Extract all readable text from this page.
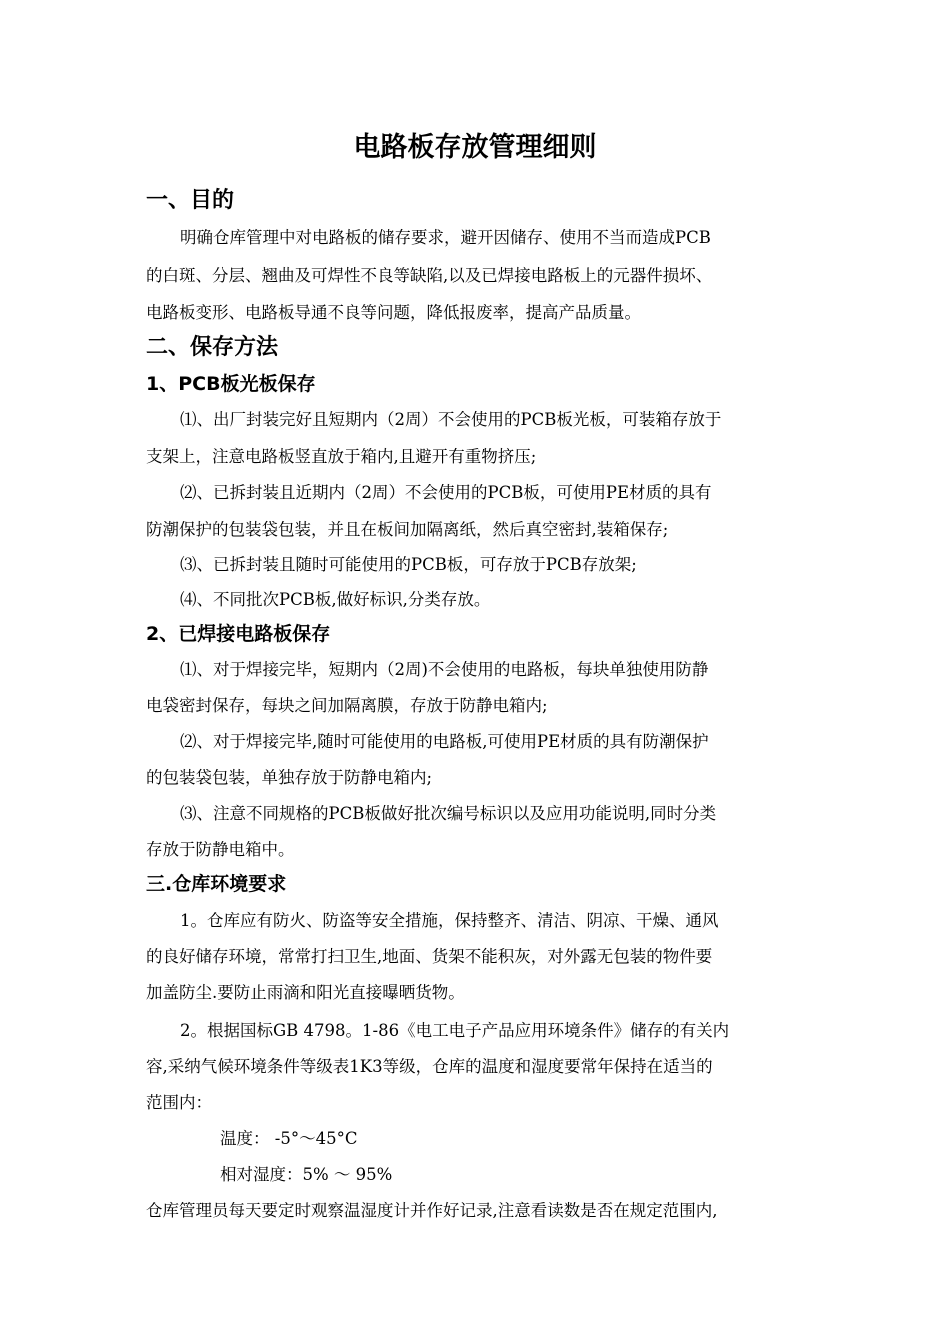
电路板存放管理细则
一、目的
明确仓库管理中对电路板的储存要求，避开因储存、使用不当而造成PCB
的白斑、分层、翘曲及可焊性不良等缺陷,以及已焊接电路板上的元器件损坏、
电路板变形、电路板导通不良等问题，降低报废率，提高产品质量。
二、保存方法
1、PCB板光板保存
⑴、出厂封装完好且短期内（2周）不会使用的PCB板光板，可装箱存放于
支架上，注意电路板竖直放于箱内,且避开有重物挤压;
⑵、已拆封装且近期内（2周）不会使用的PCB板，可使用PE材质的具有
防潮保护的包装袋包装，并且在板间加隔离纸，然后真空密封,装箱保存;
⑶、已拆封装且随时可能使用的PCB板，可存放于PCB存放架;
⑷、不同批次PCB板,做好标识,分类存放。
2、已焊接电路板保存
⑴、对于焊接完毕，短期内（2周)不会使用的电路板，每块单独使用防静
电袋密封保存，每块之间加隔离膜，存放于防静电箱内;
⑵、对于焊接完毕,随时可能使用的电路板,可使用PE材质的具有防潮保护
的包装袋包装，单独存放于防静电箱内;
⑶、注意不同规格的PCB板做好批次编号标识以及应用功能说明,同时分类
存放于防静电箱中。
三.仓库环境要求
1。仓库应有防火、防盗等安全措施，保持整齐、清洁、阴凉、干燥、通风
的良好储存环境，常常打扫卫生,地面、货架不能积灰，对外露无包装的物件要
加盖防尘.要防止雨滴和阳光直接曝晒货物。
2。根据国标GB 4798。1-86《电工电子产品应用环境条件》储存的有关内
容,采纳气候环境条件等级表1K3等级，仓库的温度和湿度要常年保持在适当的
范围内：
温度： -5°～45°C
相对湿度：5% ～ 95%
仓库管理员每天要定时观察温湿度计并作好记录,注意看读数是否在规定范围内,
